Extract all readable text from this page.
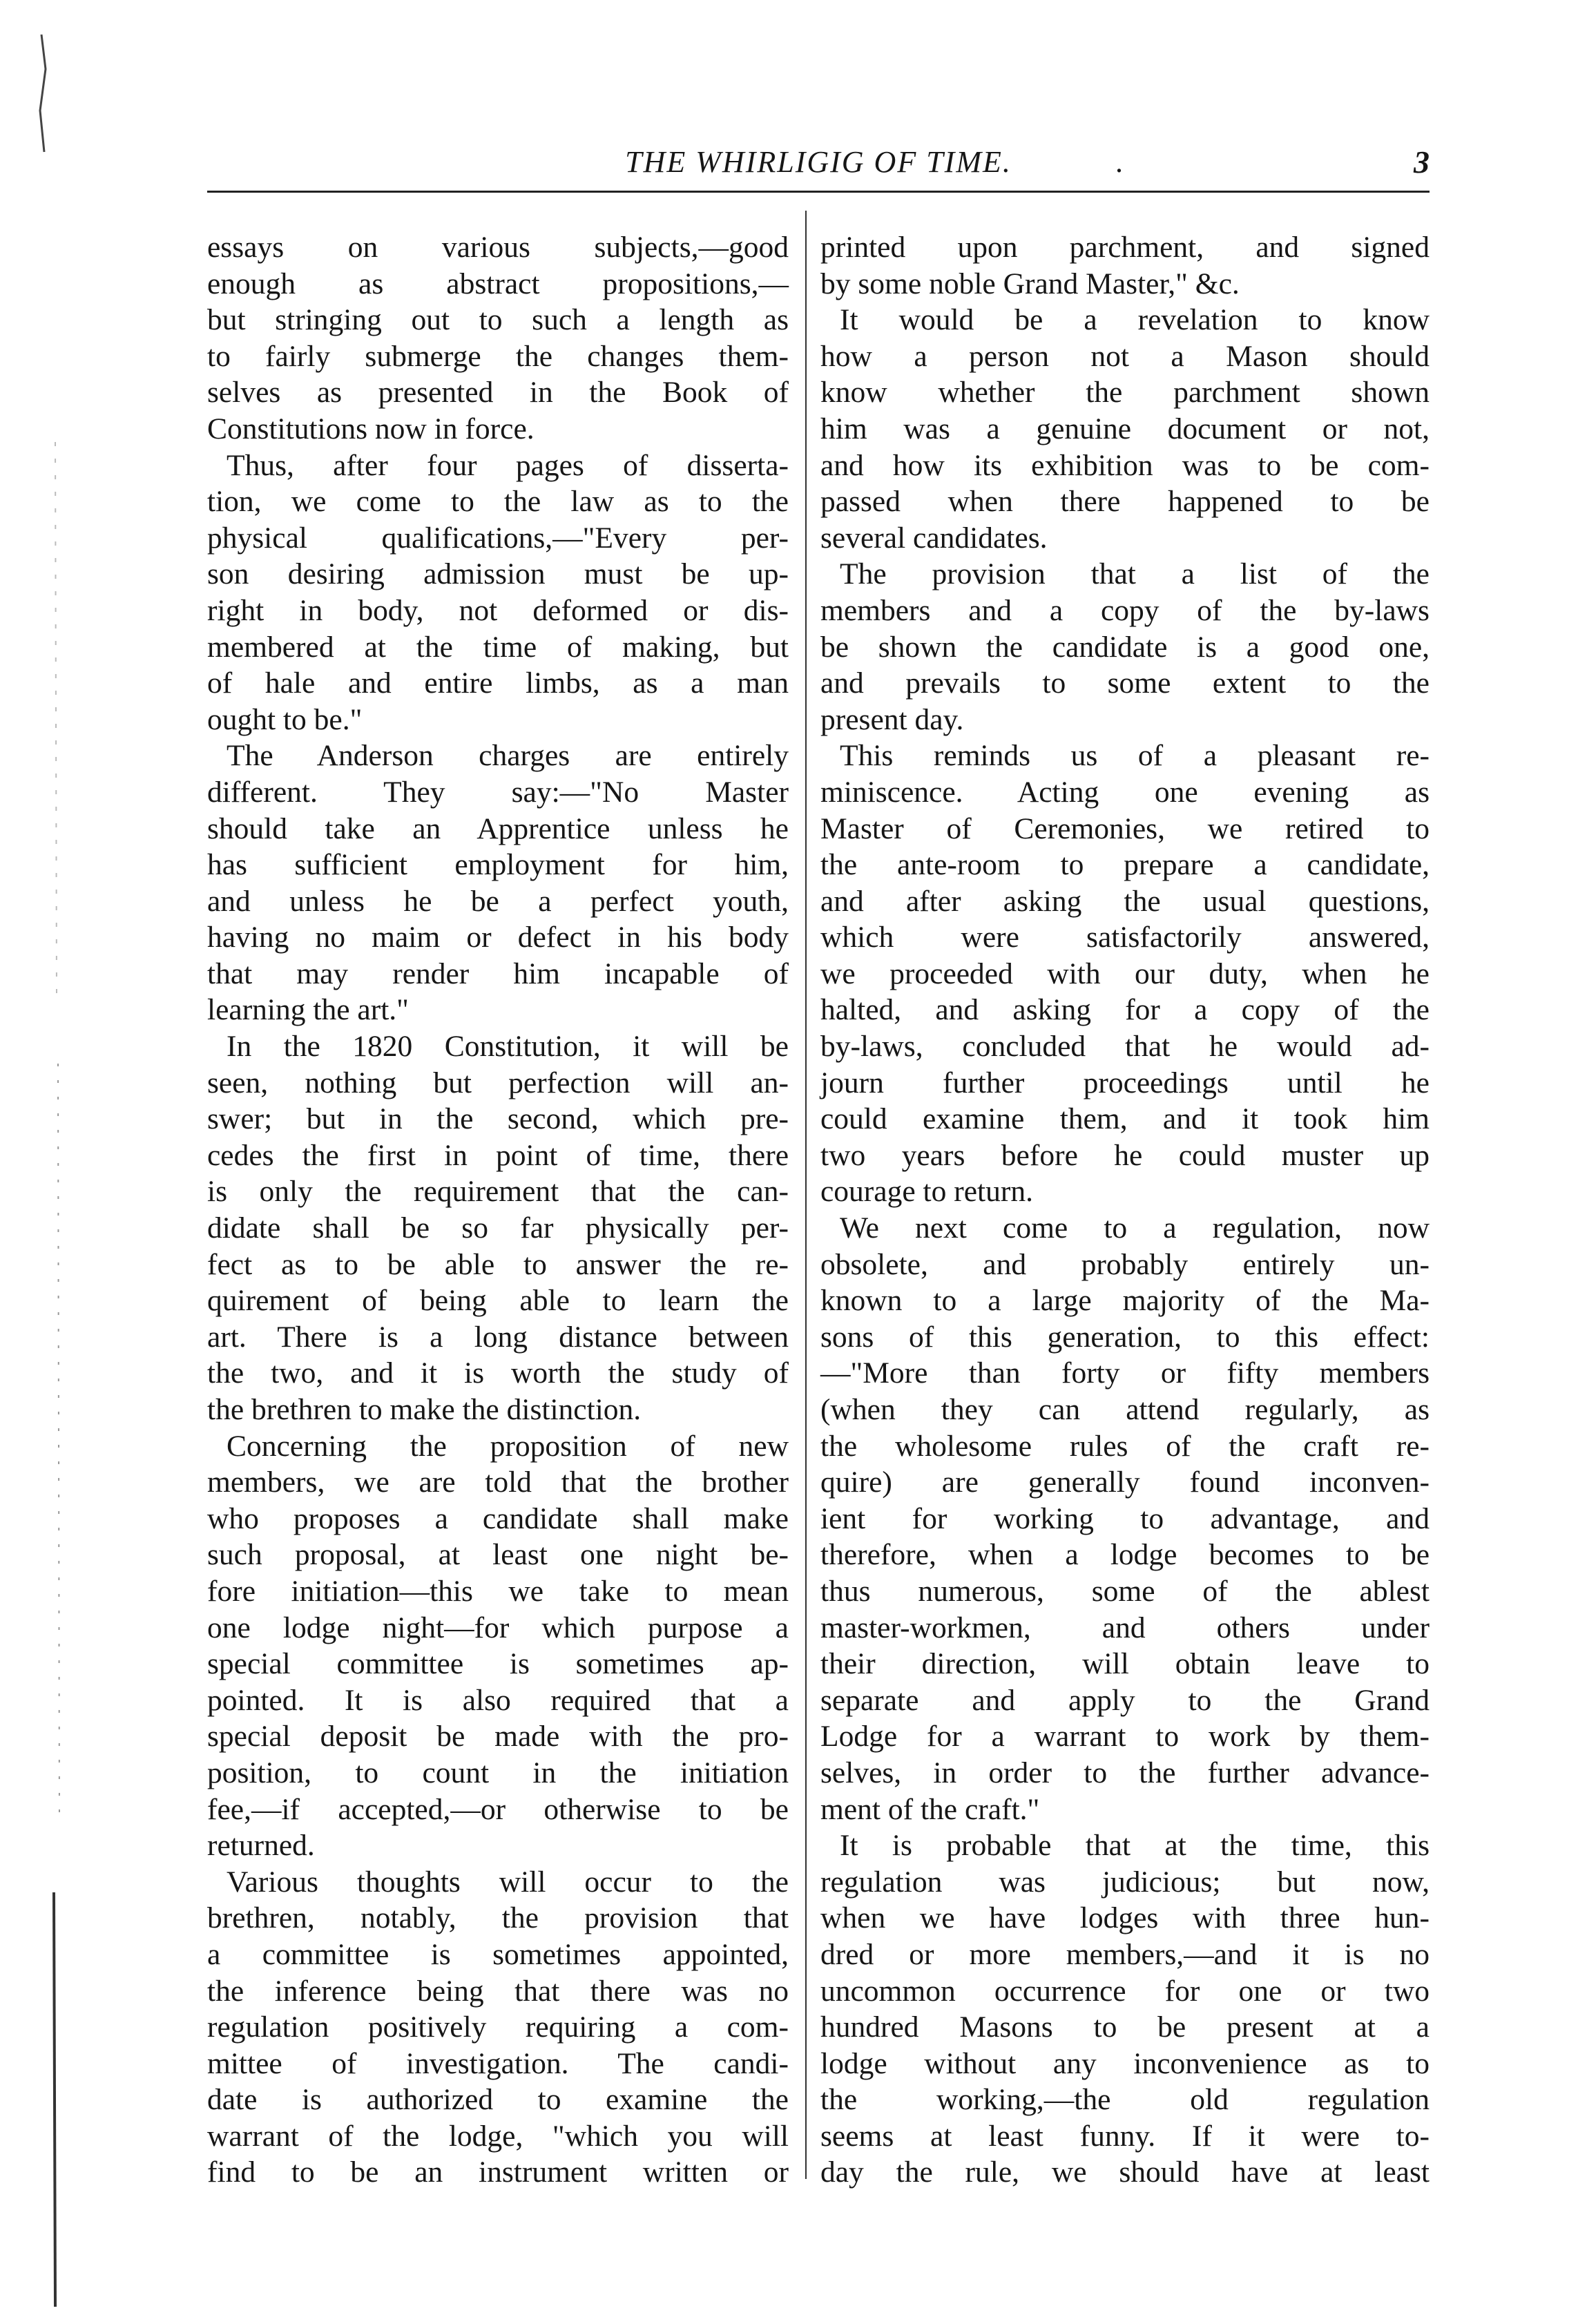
THE WHIRLIGIG OF TIME.	.	3
essays on various subjects,—good
enough as abstract propositions,—
but stringing out to such a length as
to fairly submerge the changes them-
selves as presented in the Book of
Constitutions now in force.
Thus, after four pages of disserta-
tion, we come to the law as to the
physical qualifications,—"Every per-
son desiring admission must be up-
right in body, not deformed or dis-
membered at the time of making, but
of hale and entire limbs, as a man
ought to be."
The Anderson charges are entirely
different. They say:—"No Master
should take an Apprentice unless he
has sufficient employment for him,
and unless he be a perfect youth,
having no maim or defect in his body
that may render him incapable of
learning the art."
In the 1820 Constitution, it will be
seen, nothing but perfection will an-
swer; but in the second, which pre-
cedes the first in point of time, there
is only the requirement that the can-
didate shall be so far physically per-
fect as to be able to answer the re-
quirement of being able to learn the
art. There is a long distance between
the two, and it is worth the study of
the brethren to make the distinction.
Concerning the proposition of new
members, we are told that the brother
who proposes a candidate shall make
such proposal, at least one night be-
fore initiation—this we take to mean
one lodge night—for which purpose a
special committee is sometimes ap-
pointed. It is also required that a
special deposit be made with the pro-
position, to count in the initiation
fee,—if accepted,—or otherwise to be
returned.
Various thoughts will occur to the
brethren, notably, the provision that
a committee is sometimes appointed,
the inference being that there was no
regulation positively requiring a com-
mittee of investigation. The candi-
date is authorized to examine the
warrant of the lodge, "which you will
find to be an instrument written or
printed upon parchment, and signed
by some noble Grand Master," &c.
It would be a revelation to know
how a person not a Mason should
know whether the parchment shown
him was a genuine document or not,
and how its exhibition was to be com-
passed when there happened to be
several candidates.
The provision that a list of the
members and a copy of the by-laws
be shown the candidate is a good one,
and prevails to some extent to the
present day.
This reminds us of a pleasant re-
miniscence. Acting one evening as
Master of Ceremonies, we retired to
the ante-room to prepare a candidate,
and after asking the usual questions,
which were satisfactorily answered,
we proceeded with our duty, when he
halted, and asking for a copy of the
by-laws, concluded that he would ad-
journ further proceedings until he
could examine them, and it took him
two years before he could muster up
courage to return.
We next come to a regulation, now
obsolete, and probably entirely un-
known to a large majority of the Ma-
sons of this generation, to this effect:
—"More than forty or fifty members
(when they can attend regularly, as
the wholesome rules of the craft re-
quire) are generally found inconven-
ient for working to advantage, and
therefore, when a lodge becomes to be
thus numerous, some of the ablest
master-workmen, and others under
their direction, will obtain leave to
separate and apply to the Grand
Lodge for a warrant to work by them-
selves, in order to the further advance-
ment of the craft."
It is probable that at the time, this
regulation was judicious; but now,
when we have lodges with three hun-
dred or more members,—and it is no
uncommon occurrence for one or two
hundred Masons to be present at a
lodge without any inconvenience as to
the working,—the old regulation
seems at least funny. If it were to-
day the rule, we should have at least
